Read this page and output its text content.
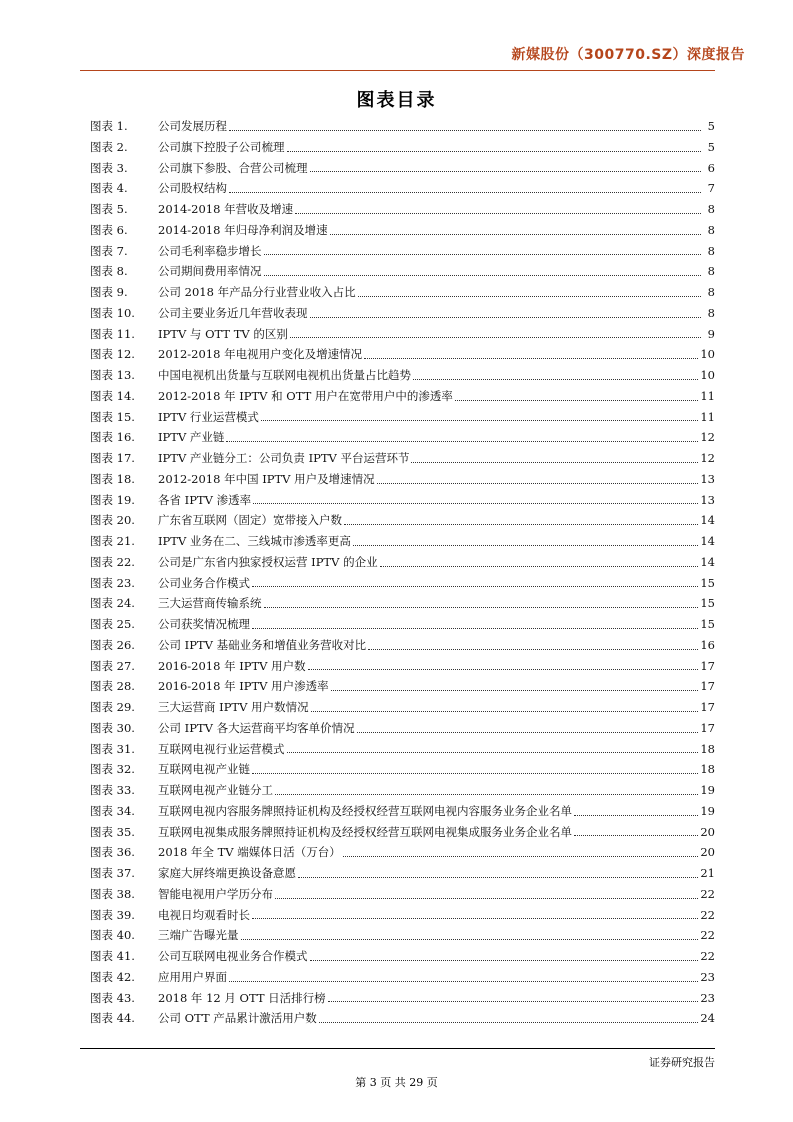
新媒股份（300770.SZ）深度报告
图表目录
图表 1.	公司发展历程	5
图表 2.	公司旗下控股子公司梳理	5
图表 3.	公司旗下参股、合营公司梳理	6
图表 4.	公司股权结构	7
图表 5.	2014-2018 年营收及增速	8
图表 6.	2014-2018 年归母净利润及增速	8
图表 7.	公司毛利率稳步增长	8
图表 8.	公司期间费用率情况	8
图表 9.	公司 2018 年产品分行业营业收入占比	8
图表 10.	公司主要业务近几年营收表现	8
图表 11.	IPTV 与 OTT TV 的区别	9
图表 12.	2012-2018 年电视用户变化及增速情况	10
图表 13.	中国电视机出货量与互联网电视机出货量占比趋势	10
图表 14.	2012-2018 年 IPTV 和 OTT 用户在宽带用户中的渗透率	11
图表 15.	IPTV 行业运营模式	11
图表 16.	IPTV 产业链	12
图表 17.	IPTV 产业链分工：公司负责 IPTV 平台运营环节	12
图表 18.	2012-2018 年中国 IPTV 用户及增速情况	13
图表 19.	各省 IPTV 渗透率	13
图表 20.	广东省互联网（固定）宽带接入户数	14
图表 21.	IPTV 业务在二、三线城市渗透率更高	14
图表 22.	公司是广东省内独家授权运营 IPTV 的企业	14
图表 23.	公司业务合作模式	15
图表 24.	三大运营商传输系统	15
图表 25.	公司获奖情况梳理	15
图表 26.	公司 IPTV 基础业务和增值业务营收对比	16
图表 27.	2016-2018 年 IPTV 用户数	17
图表 28.	2016-2018 年 IPTV 用户渗透率	17
图表 29.	三大运营商 IPTV 用户数情况	17
图表 30.	公司 IPTV 各大运营商平均客单价情况	17
图表 31.	互联网电视行业运营模式	18
图表 32.	互联网电视产业链	18
图表 33.	互联网电视产业链分工	19
图表 34.	互联网电视内容服务牌照持证机构及经授权经营互联网电视内容服务业务企业名单	19
图表 35.	互联网电视集成服务牌照持证机构及经授权经营互联网电视集成服务业务企业名单	20
图表 36.	2018 年全 TV 端媒体日活（万台）	20
图表 37.	家庭大屏终端更换设备意愿	21
图表 38.	智能电视用户学历分布	22
图表 39.	电视日均观看时长	22
图表 40.	三端广告曝光量	22
图表 41.	公司互联网电视业务合作模式	22
图表 42.	应用用户界面	23
图表 43.	2018 年 12 月 OTT 日活排行榜	23
图表 44.	公司 OTT 产品累计激活用户数	24
证券研究报告
第 3 页 共 29 页
